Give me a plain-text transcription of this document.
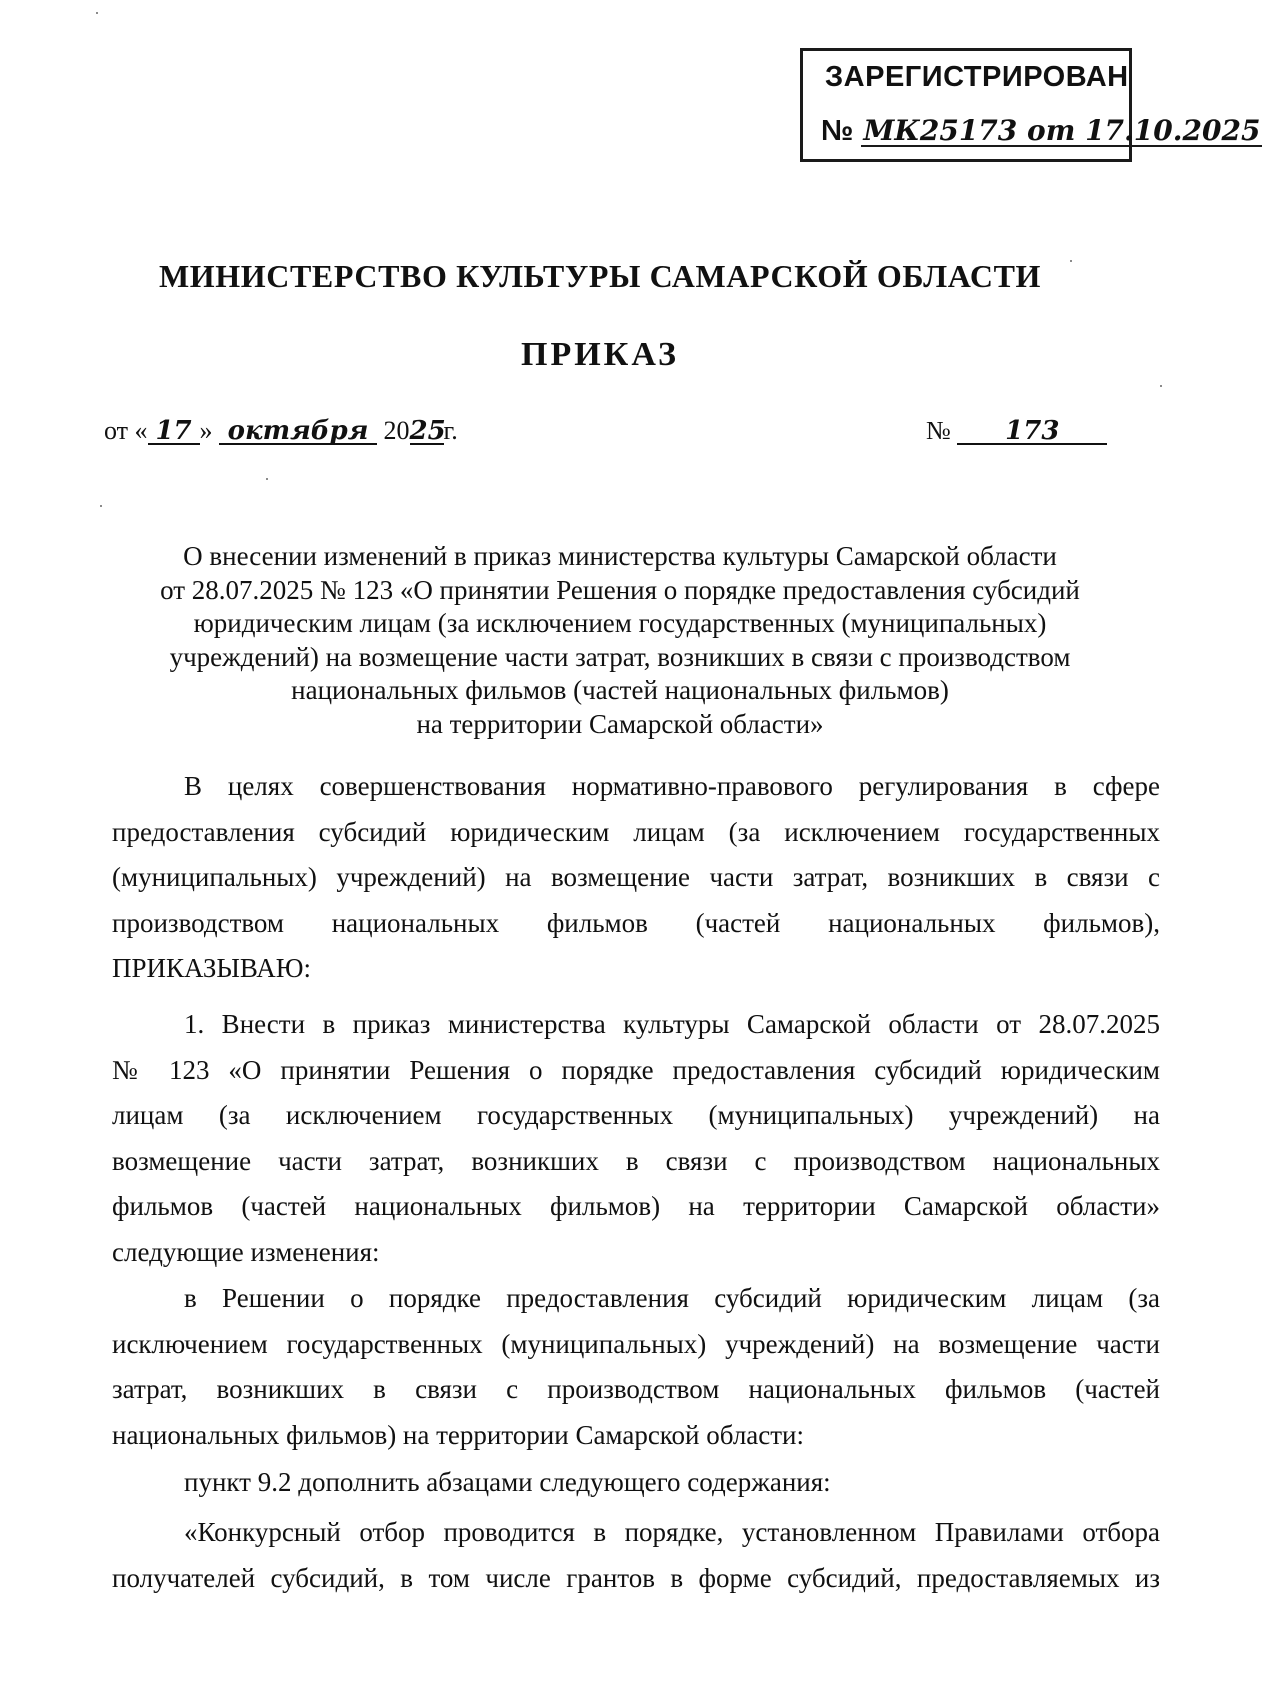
ЗАРЕГИСТРИРОВАН
№ МК25173 от 17.10.2025
МИНИСТЕРСТВО КУЛЬТУРЫ САМАРСКОЙ ОБЛАСТИ
ПРИКАЗ
от « 17 » октября 2025г.	№ 173
О внесении изменений в приказ министерства культуры Самарской области
от 28.07.2025 № 123 «О принятии Решения о порядке предоставления субсидий
юридическим лицам (за исключением государственных (муниципальных)
учреждений) на возмещение части затрат, возникших в связи с производством
национальных фильмов (частей национальных фильмов)
на территории Самарской области»
В целях совершенствования нормативно-правового регулирования в сфере
предоставления субсидий юридическим лицам (за исключением государственных
(муниципальных) учреждений) на возмещение части затрат, возникших в связи с
производством национальных фильмов (частей национальных фильмов),
ПРИКАЗЫВАЮ:
1. Внести в приказ министерства культуры Самарской области от 28.07.2025
№ 123 «О принятии Решения о порядке предоставления субсидий юридическим
лицам (за исключением государственных (муниципальных) учреждений) на
возмещение части затрат, возникших в связи с производством национальных
фильмов (частей национальных фильмов) на территории Самарской области»
следующие изменения:
в Решении о порядке предоставления субсидий юридическим лицам (за
исключением государственных (муниципальных) учреждений) на возмещение части
затрат, возникших в связи с производством национальных фильмов (частей
национальных фильмов) на территории Самарской области:
пункт 9.2 дополнить абзацами следующего содержания:
«Конкурсный отбор проводится в порядке, установленном Правилами отбора
получателей субсидий, в том числе грантов в форме субсидий, предоставляемых из
